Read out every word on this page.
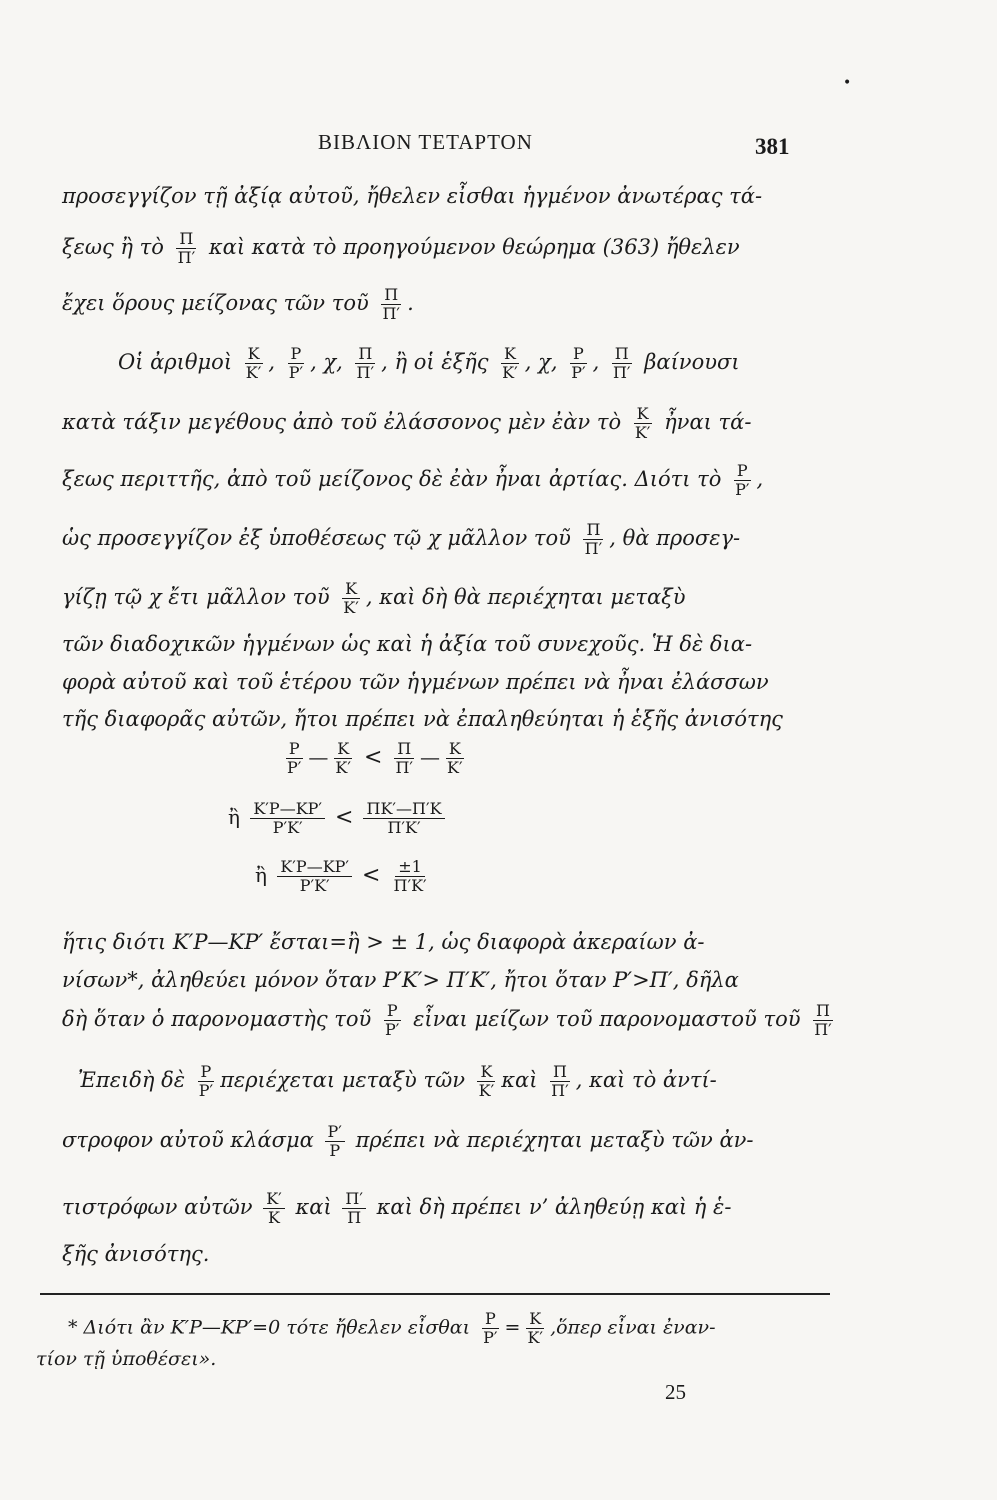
•
ΒΙΒΛΙΟΝ ΤΕΤΑΡΤΟΝ	381
προσεγγίζον τῇ ἀξίᾳ αὐτοῦ, ἤθελεν εἶσθαι ἡγμένον ἀνωτέρας τά-
ξεως ἢ τὸ $\frac{\Pi}{\Pi'}$ καὶ κατὰ τὸ προηγούμενον θεώρημα (363) ἤθελεν
ἔχει ὅρους μείζονας τῶν τοῦ $\frac{\Pi}{\Pi'}$ .
Οἱ ἀριθμοὶ $\frac{K}{K'}$ , $\frac{P}{P'}$ , χ, $\frac{\Pi}{\Pi'}$ , ἢ οἱ ἑξῆς $\frac{K}{K'}$ , χ, $\frac{P}{P'}$ , $\frac{\Pi}{\Pi'}$ βαίνουσι
κατὰ τάξιν μεγέθους ἀπὸ τοῦ ἐλάσσονος μὲν ἐὰν τὸ $\frac{K}{K'}$ ἦναι τά-
ξεως περιττῆς, ἀπὸ τοῦ μείζονος δὲ ἐὰν ἦναι ἀρτίας. Διότι τὸ $\frac{P}{P'}$ ,
ὡς προσεγγίζον ἐξ ὑποθέσεως τῷ χ μᾶλλον τοῦ $\frac{\Pi}{\Pi'}$ , θὰ προσεγ-
γίζῃ τῷ χ ἔτι μᾶλλον τοῦ $\frac{K}{K'}$ , καὶ δὴ θὰ περιέχηται μεταξὺ
τῶν διαδοχικῶν ἡγμένων ὡς καὶ ἡ ἀξία τοῦ συνεχοῦς. Ἡ δὲ δια-
φορὰ αὐτοῦ καὶ τοῦ ἑτέρου τῶν ἡγμένων πρέπει νὰ ἦναι ἐλάσσων
τῆς διαφορᾶς αὐτῶν, ἤτοι πρέπει νὰ ἐπαληθεύηται ἡ ἑξῆς ἀνισότης
$\frac{P}{P'}$ — $\frac{K}{K'} < \frac{\Pi}{\Pi'}$ — $\frac{K}{K'}$
ἢ $\frac{K'P—KP'}{P'K'} < \frac{\Pi K'—\Pi'K}{\Pi'K'}$
ἢ $\frac{K'P—KP'}{P'K'} < \frac{\pm 1}{\Pi'K'}$
ἥτις διότι Κ′Ρ—ΚΡ′ ἔσται=ἢ > ± 1, ὡς διαφορὰ ἀκεραίων ἀ-
νίσων*, ἀληθεύει μόνον ὅταν Ρ′Κ′> Π′Κ′, ἤτοι ὅταν Ρ′>Π′, δῆλα
δὴ ὅταν ὁ παρονομαστὴς τοῦ $\frac{P}{P'}$ εἶναι μείζων τοῦ παρονομαστοῦ τοῦ $\frac{\Pi}{\Pi'}$
Ἐπειδὴ δὲ $\frac{P}{P'}$ περιέχεται μεταξὺ τῶν $\frac{K}{K'}$ καὶ $\frac{\Pi}{\Pi'}$ , καὶ τὸ ἀντί-
στροφον αὐτοῦ κλάσμα $\frac{P'}{P}$ πρέπει νὰ περιέχηται μεταξὺ τῶν ἀν-
τιστρόφων αὐτῶν $\frac{K'}{K}$ καὶ $\frac{\Pi'}{\Pi}$ καὶ δὴ πρέπει ν’ ἀληθεύῃ καὶ ἡ ἑ-
ξῆς ἀνισότης.
* Διότι ἂν Κ′Ρ—ΚΡ′=0 τότε ἤθελεν εἶσθαι $\frac{P}{P'} = \frac{K}{K'}$ ,ὅπερ εἶναι ἐναν-
τίον τῇ ὑποθέσει».
25
